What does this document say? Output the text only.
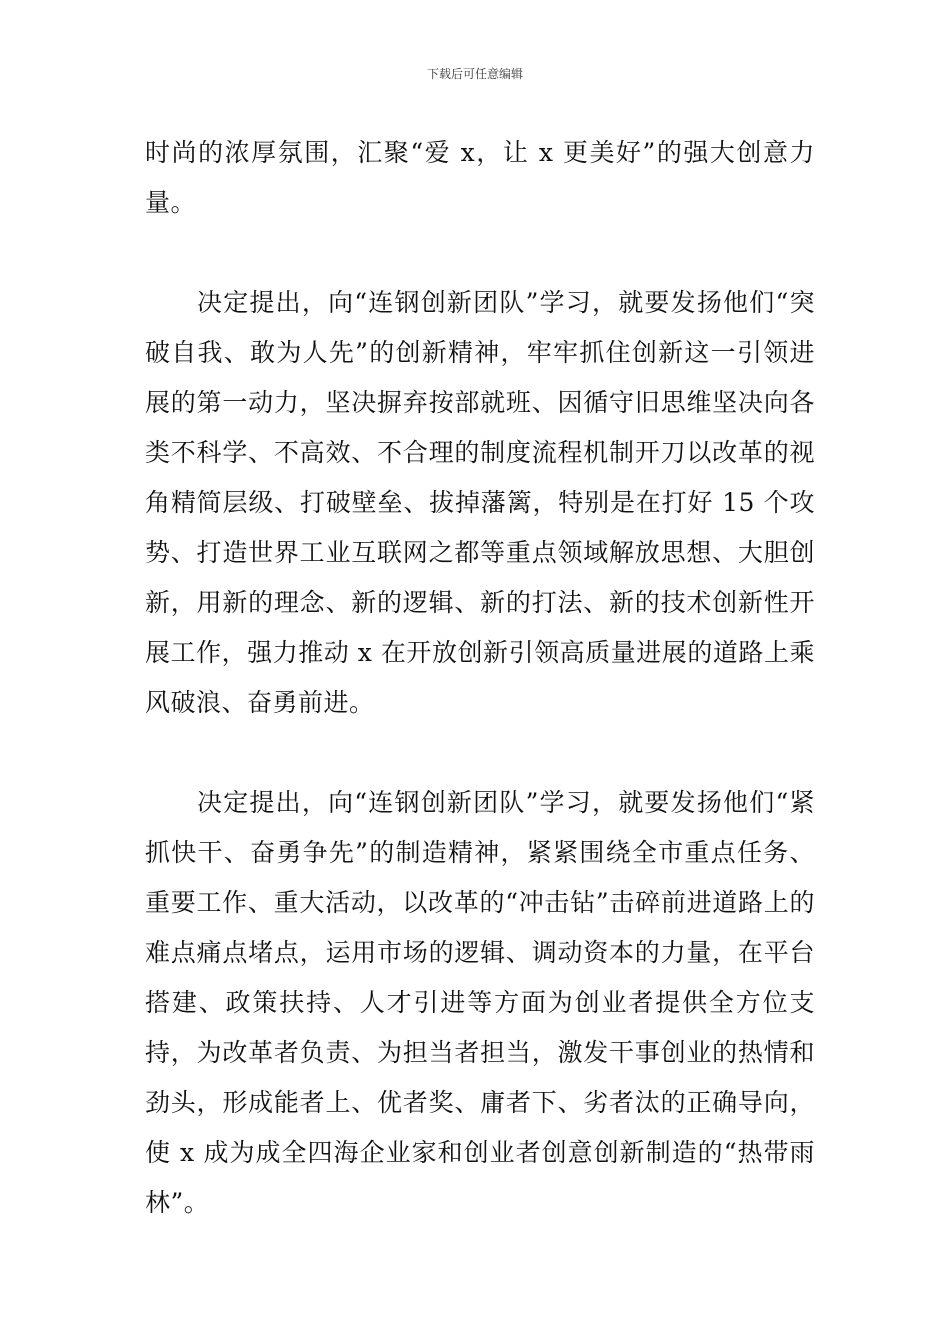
下载后可任意编辑

时尚的浓厚氛围，汇聚“爱 x，让 x 更美好”的强大创意力量。

决定提出，向“连钢创新团队”学习，就要发扬他们“突破自我、敢为人先”的创新精神，牢牢抓住创新这一引领进展的第一动力，坚决摒弃按部就班、因循守旧思维坚决向各类不科学、不高效、不合理的制度流程机制开刀以改革的视角精简层级、打破壁垒、拔掉藩篱，特别是在打好 15 个攻势、打造世界工业互联网之都等重点领域解放思想、大胆创新，用新的理念、新的逻辑、新的打法、新的技术创新性开展工作，强力推动 x 在开放创新引领高质量进展的道路上乘风破浪、奋勇前进。

决定提出，向“连钢创新团队”学习，就要发扬他们“紧抓快干、奋勇争先”的制造精神，紧紧围绕全市重点任务、重要工作、重大活动，以改革的“冲击钻”击碎前进道路上的难点痛点堵点，运用市场的逻辑、调动资本的力量，在平台搭建、政策扶持、人才引进等方面为创业者提供全方位支持，为改革者负责、为担当者担当，激发干事创业的热情和劲头，形成能者上、优者奖、庸者下、劣者汰的正确导向，使 x 成为成全四海企业家和创业者创意创新制造的“热带雨林”。
